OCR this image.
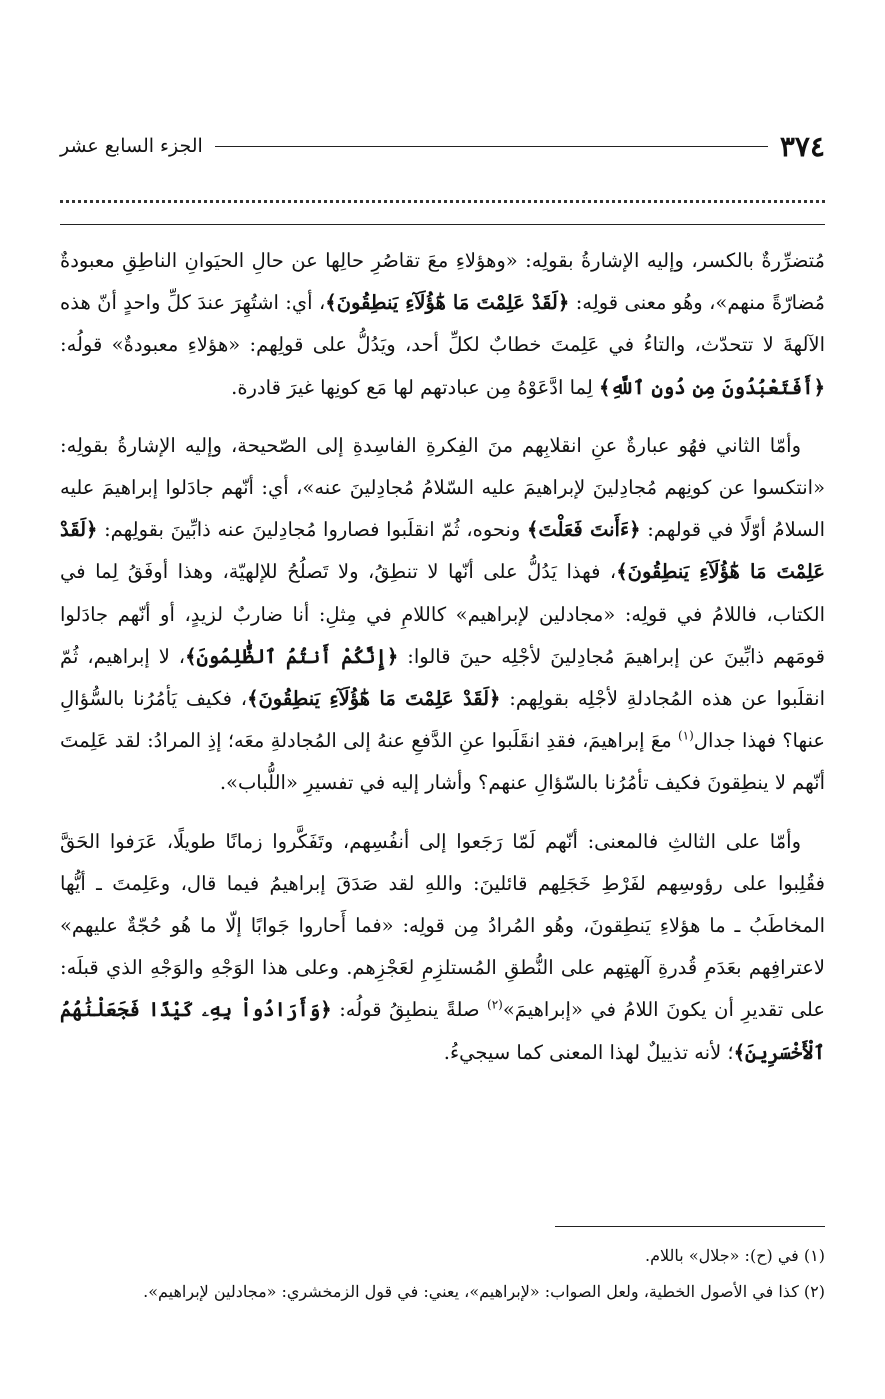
٣٧٤
الجزء السابع عشر

مُتضرِّرةٌ بالكسر، وإليه الإشارةُ بقولِه: «وهؤلاءِ معَ تقاصُرِ حالِها عن حالِ الحيَوانِ الناطِقِ معبودةٌ مُضارّةً منهم»، وهُو معنى قولِه: ﴿لَقَدْ عَلِمْتَ مَا هَٰٓؤُلَآءِ يَنطِقُونَ﴾، أي: اشتُهِرَ عندَ كلِّ واحدٍ أنّ هذه الآلهةَ لا تتحدّث، والتاءُ في عَلِمتَ خطابٌ لكلِّ أحد، ويَدُلُّ على قولِهم: «هؤلاءِ معبودةٌ» قولُه: ﴿أَفَتَعْبُدُونَ مِن دُونِ ٱللَّهِ﴾ لِما ادَّعَوْهُ مِن عبادتهم لها مَع كونِها غيرَ قادرة.

وأمّا الثاني فهُو عبارةٌ عنِ انقلابِهم منَ الفِكرةِ الفاسِدةِ إلى الصّحيحة، وإليه الإشارةُ بقولِه: «انتكسوا عن كونِهم مُجادِلينَ لإبراهيمَ عليه السّلامُ مُجادِلينَ عنه»، أي: أنّهم جادَلوا إبراهيمَ عليه السلامُ أوّلًا في قولهم: ﴿ءَأَنتَ فَعَلْتَ﴾ ونحوه، ثُمّ انقلَبوا فصاروا مُجادِلينَ عنه ذابِّينَ بقولِهم: ﴿لَقَدْ عَلِمْتَ مَا هَٰٓؤُلَآءِ يَنطِقُونَ﴾، فهذا يَدُلُّ على أنّها لا تنطِقُ، ولا تَصلُحُ للإلهيّة، وهذا أوفَقُ لِما في الكتاب، فاللامُ في قولِه: «مجادلين لإبراهيم» كاللامِ في مِثلِ: أنا ضاربٌ لزيدٍ، أو أنّهم جادَلوا قومَهم ذابِّينَ عن إبراهيمَ مُجادِلينَ لأجْلِه حينَ قالوا: ﴿إِنَّكُمْ أَنتُمُ ٱلظَّٰلِمُونَ﴾، لا إبراهيم، ثُمّ انقلَبوا عن هذه المُجادلةِ لأجْلِه بقولِهم: ﴿لَقَدْ عَلِمْتَ مَا هَٰٓؤُلَآءِ يَنطِقُونَ﴾، فكيف يَأمُرُنا بالسُّؤالِ عنها؟ فهذا جدال$^{(١)}$ معَ إبراهيمَ، فقدِ انقَلَبوا عنِ الدَّفعِ عنهُ إلى المُجادلةِ معَه؛ إذِ المرادُ: لقد عَلِمتَ أنّهم لا ينطِقونَ فكيف تأمُرُنا بالسّؤالِ عنهم؟ وأشار إليه في تفسيرِ «اللُّباب».

وأمّا على الثالثِ فالمعنى: أنّهم لَمّا رَجَعوا إلى أنفُسِهم، وتَفَكَّروا زمانًا طويلًا، عَرَفوا الحَقَّ فقُلِبوا على رؤوسِهم لفَرْطِ خَجَلِهم قائلينَ: واللهِ لقد صَدَقَ إبراهيمُ فيما قال، وعَلِمتَ ـ أيُّها المخاطَبُ ـ ما هؤلاءِ يَنطِقونَ، وهُو المُرادُ مِن قولِه: «فما أَحاروا جَوابًا إلّا ما هُو حُجّةٌ عليهم» لاعترافِهم بعَدَمِ قُدرةِ آلهتِهم على النُّطقِ المُستلزِمِ لعَجْزِهم. وعلى هذا الوَجْهِ والوَجْهِ الذي قبلَه: على تقديرِ أن يكونَ اللامُ في «إبراهيمَ»$^{(٢)}$ صلةً ينطبِقُ قولُه: ﴿وَأَرَادُواْ بِهِۦ كَيْدًا فَجَعَلْنَٰهُمُ ٱلْأَخْسَرِينَ﴾؛ لأنه تذييلٌ لهذا المعنى كما سيجيءُ.

(١) في (ح): «جلال» باللام.

(٢) كذا في الأصول الخطية، ولعل الصواب: «لإبراهيم»، يعني: في قول الزمخشري: «مجادلين لإبراهيم».
